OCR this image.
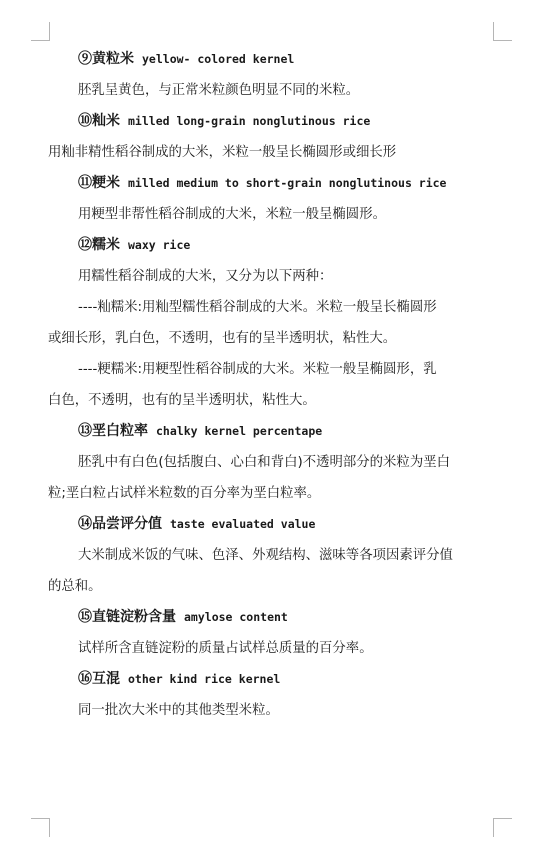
⑨黄粒米 yellow- colored kernel
胚乳呈黄色，与正常米粒颜色明显不同的米粒。
⑩籼米 milled long-grain nonglutinous rice
用籼非精性稻谷制成的大米，米粒一般呈长椭圆形或细长形
⑪粳米 milled medium to short-grain nonglutinous rice
用粳型非帮性稻谷制成的大米，米粒一般呈椭圆形。
⑫糯米 waxy rice
用糯性稻谷制成的大米，又分为以下两种：
----籼糯米:用籼型糯性稻谷制成的大米。米粒一般呈长椭圆形
或细长形，乳白色，不透明，也有的呈半透明状，粘性大。
----粳糯米:用粳型性稻谷制成的大米。米粒一般呈椭圆形，乳
白色，不透明，也有的呈半透明状，粘性大。
⑬垩白粒率 chalky kernel percentape
胚乳中有白色(包括腹白、心白和背白)不透明部分的米粒为垩白
粒;垩白粒占试样米粒数的百分率为垩白粒率。
⑭品尝评分值 taste evaluated value
大米制成米饭的气味、色泽、外观结构、滋味等各项因素评分值
的总和。
⑮直链淀粉含量 amylose content
试样所含直链淀粉的质量占试样总质量的百分率。
⑯互混 other kind rice kernel
同一批次大米中的其他类型米粒。
